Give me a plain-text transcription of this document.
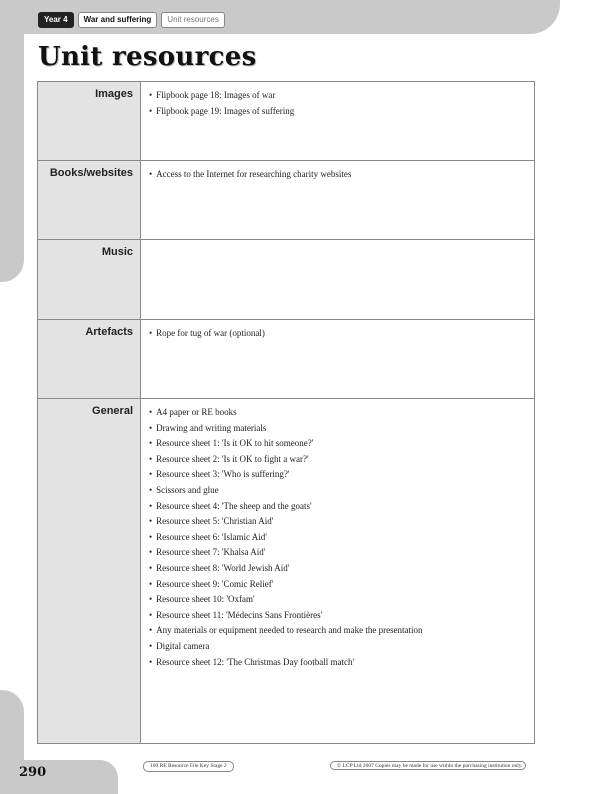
Year 4	War and suffering	Unit resources
Unit resources
Images	• Flipbook page 18: Images of war
• Flipbook page 19: Images of suffering
Books/websites	• Access to the Internet for researching charity websites
Music
Artefacts	• Rope for tug of war (optional)
General	• A4 paper or RE books
• Drawing and writing materials
• Resource sheet 1: 'Is it OK to hit someone?'
• Resource sheet 2: 'Is it OK to fight a war?'
• Resource sheet 3: 'Who is suffering?'
• Scissors and glue
• Resource sheet 4: 'The sheep and the goats'
• Resource sheet 5: 'Christian Aid'
• Resource sheet 6: 'Islamic Aid'
• Resource sheet 7: 'Khalsa Aid'
• Resource sheet 8: 'World Jewish Aid'
• Resource sheet 9: 'Comic Relief'
• Resource sheet 10: 'Oxfam'
• Resource sheet 11: 'Médecins Sans Frontières'
• Any materials or equipment needed to research and make the presentation
• Digital camera
• Resource sheet 12: 'The Christmas Day football match'
290	100 RE Resource File Key Stage 2	© LCP Ltd 2007 Copies may be made for use within the purchasing institution only.
